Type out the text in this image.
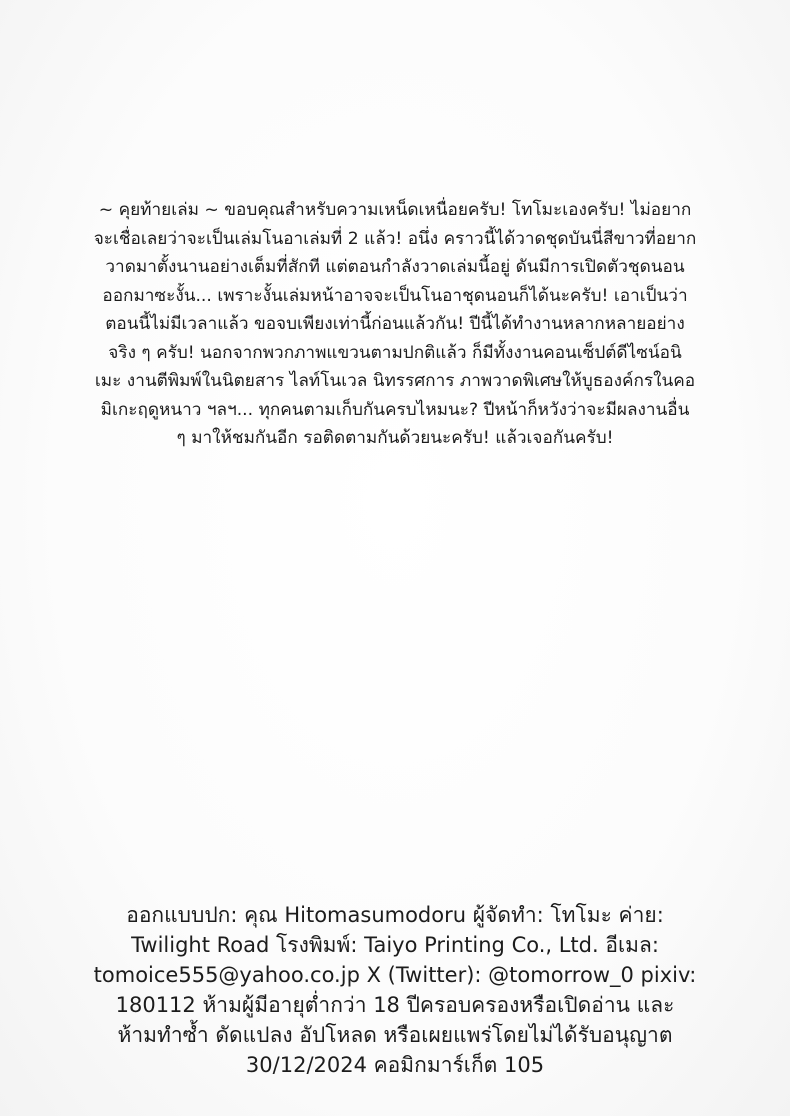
~ คุยท้ายเล่ม ~ ขอบคุณสำหรับความเหน็ดเหนื่อยครับ! โทโมะเองครับ! ไม่อยาก
จะเชื่อเลยว่าจะเป็นเล่มโนอาเล่มที่ 2 แล้ว! อนึ่ง คราวนี้ได้วาดชุดบันนี่สีขาวที่อยาก
วาดมาตั้งนานอย่างเต็มที่สักที แต่ตอนกำลังวาดเล่มนี้อยู่ ดันมีการเปิดตัวชุดนอน
ออกมาซะงั้น... เพราะงั้นเล่มหน้าอาจจะเป็นโนอาชุดนอนก็ได้นะครับ! เอาเป็นว่า
ตอนนี้ไม่มีเวลาแล้ว ขอจบเพียงเท่านี้ก่อนแล้วกัน! ปีนี้ได้ทำงานหลากหลายอย่าง
จริง ๆ ครับ! นอกจากพวกภาพแขวนตามปกติแล้ว ก็มีทั้งงานคอนเซ็ปต์ดีไซน์อนิ
เมะ งานตีพิมพ์ในนิตยสาร ไลท์โนเวล นิทรรศการ ภาพวาดพิเศษให้บูธองค์กรในคอ
มิเกะฤดูหนาว ฯลฯ... ทุกคนตามเก็บกันครบไหมนะ? ปีหน้าก็หวังว่าจะมีผลงานอื่น
ๆ มาให้ชมกันอีก รอติดตามกันด้วยนะครับ! แล้วเจอกันครับ!
ออกแบบปก: คุณ Hitomasumodoru ผู้จัดทำ: โทโมะ ค่าย:
Twilight Road โรงพิมพ์: Taiyo Printing Co., Ltd. อีเมล:
tomoice555@yahoo.co.jp X (Twitter): @tomorrow_0 pixiv:
180112 ห้ามผู้มีอายุต่ำกว่า 18 ปีครอบครองหรือเปิดอ่าน และ
ห้ามทำซ้ำ ดัดแปลง อัปโหลด หรือเผยแพร่โดยไม่ได้รับอนุญาต
30/12/2024 คอมิกมาร์เก็ต 105
